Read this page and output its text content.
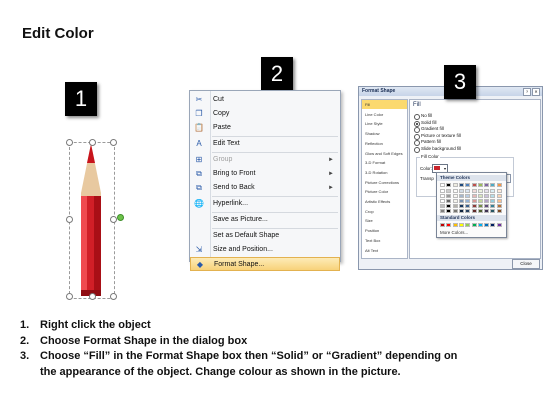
Edit Color
1
2
✂ Cut
❐ Copy
📋 Paste
A	Edit Text
⊞ Group	►
⧉	Bring to Front	►
⧉	Send to Back	►
🌐 Hyperlink...
Save as Picture...
Set as Default Shape
⇲ Size and Position...
◆ Format Shape...
Format Shape	?	✕
Fill
Line Color
Line Style
Shadow
Reflection
Glow and Soft Edges
3-D Format
3-D Rotation
Picture Corrections
Picture Color
Artistic Effects
Crop
Size
Position
Text Box
Alt Text
Fill
Fill Color
Color:	▾
Transp
No fill
Solid fill
Gradient fill
Picture or texture fill
Pattern fill
Slide background fill
3
Theme Colors
Standard Colors
More Colors...
Close
1. Right click the object
2. Choose Format Shape in the dialog box
3. Choose “Fill” in the Format Shape box then “Solid” or “Gradient” depending on the appearance of the object. Change colour as shown in the picture.
